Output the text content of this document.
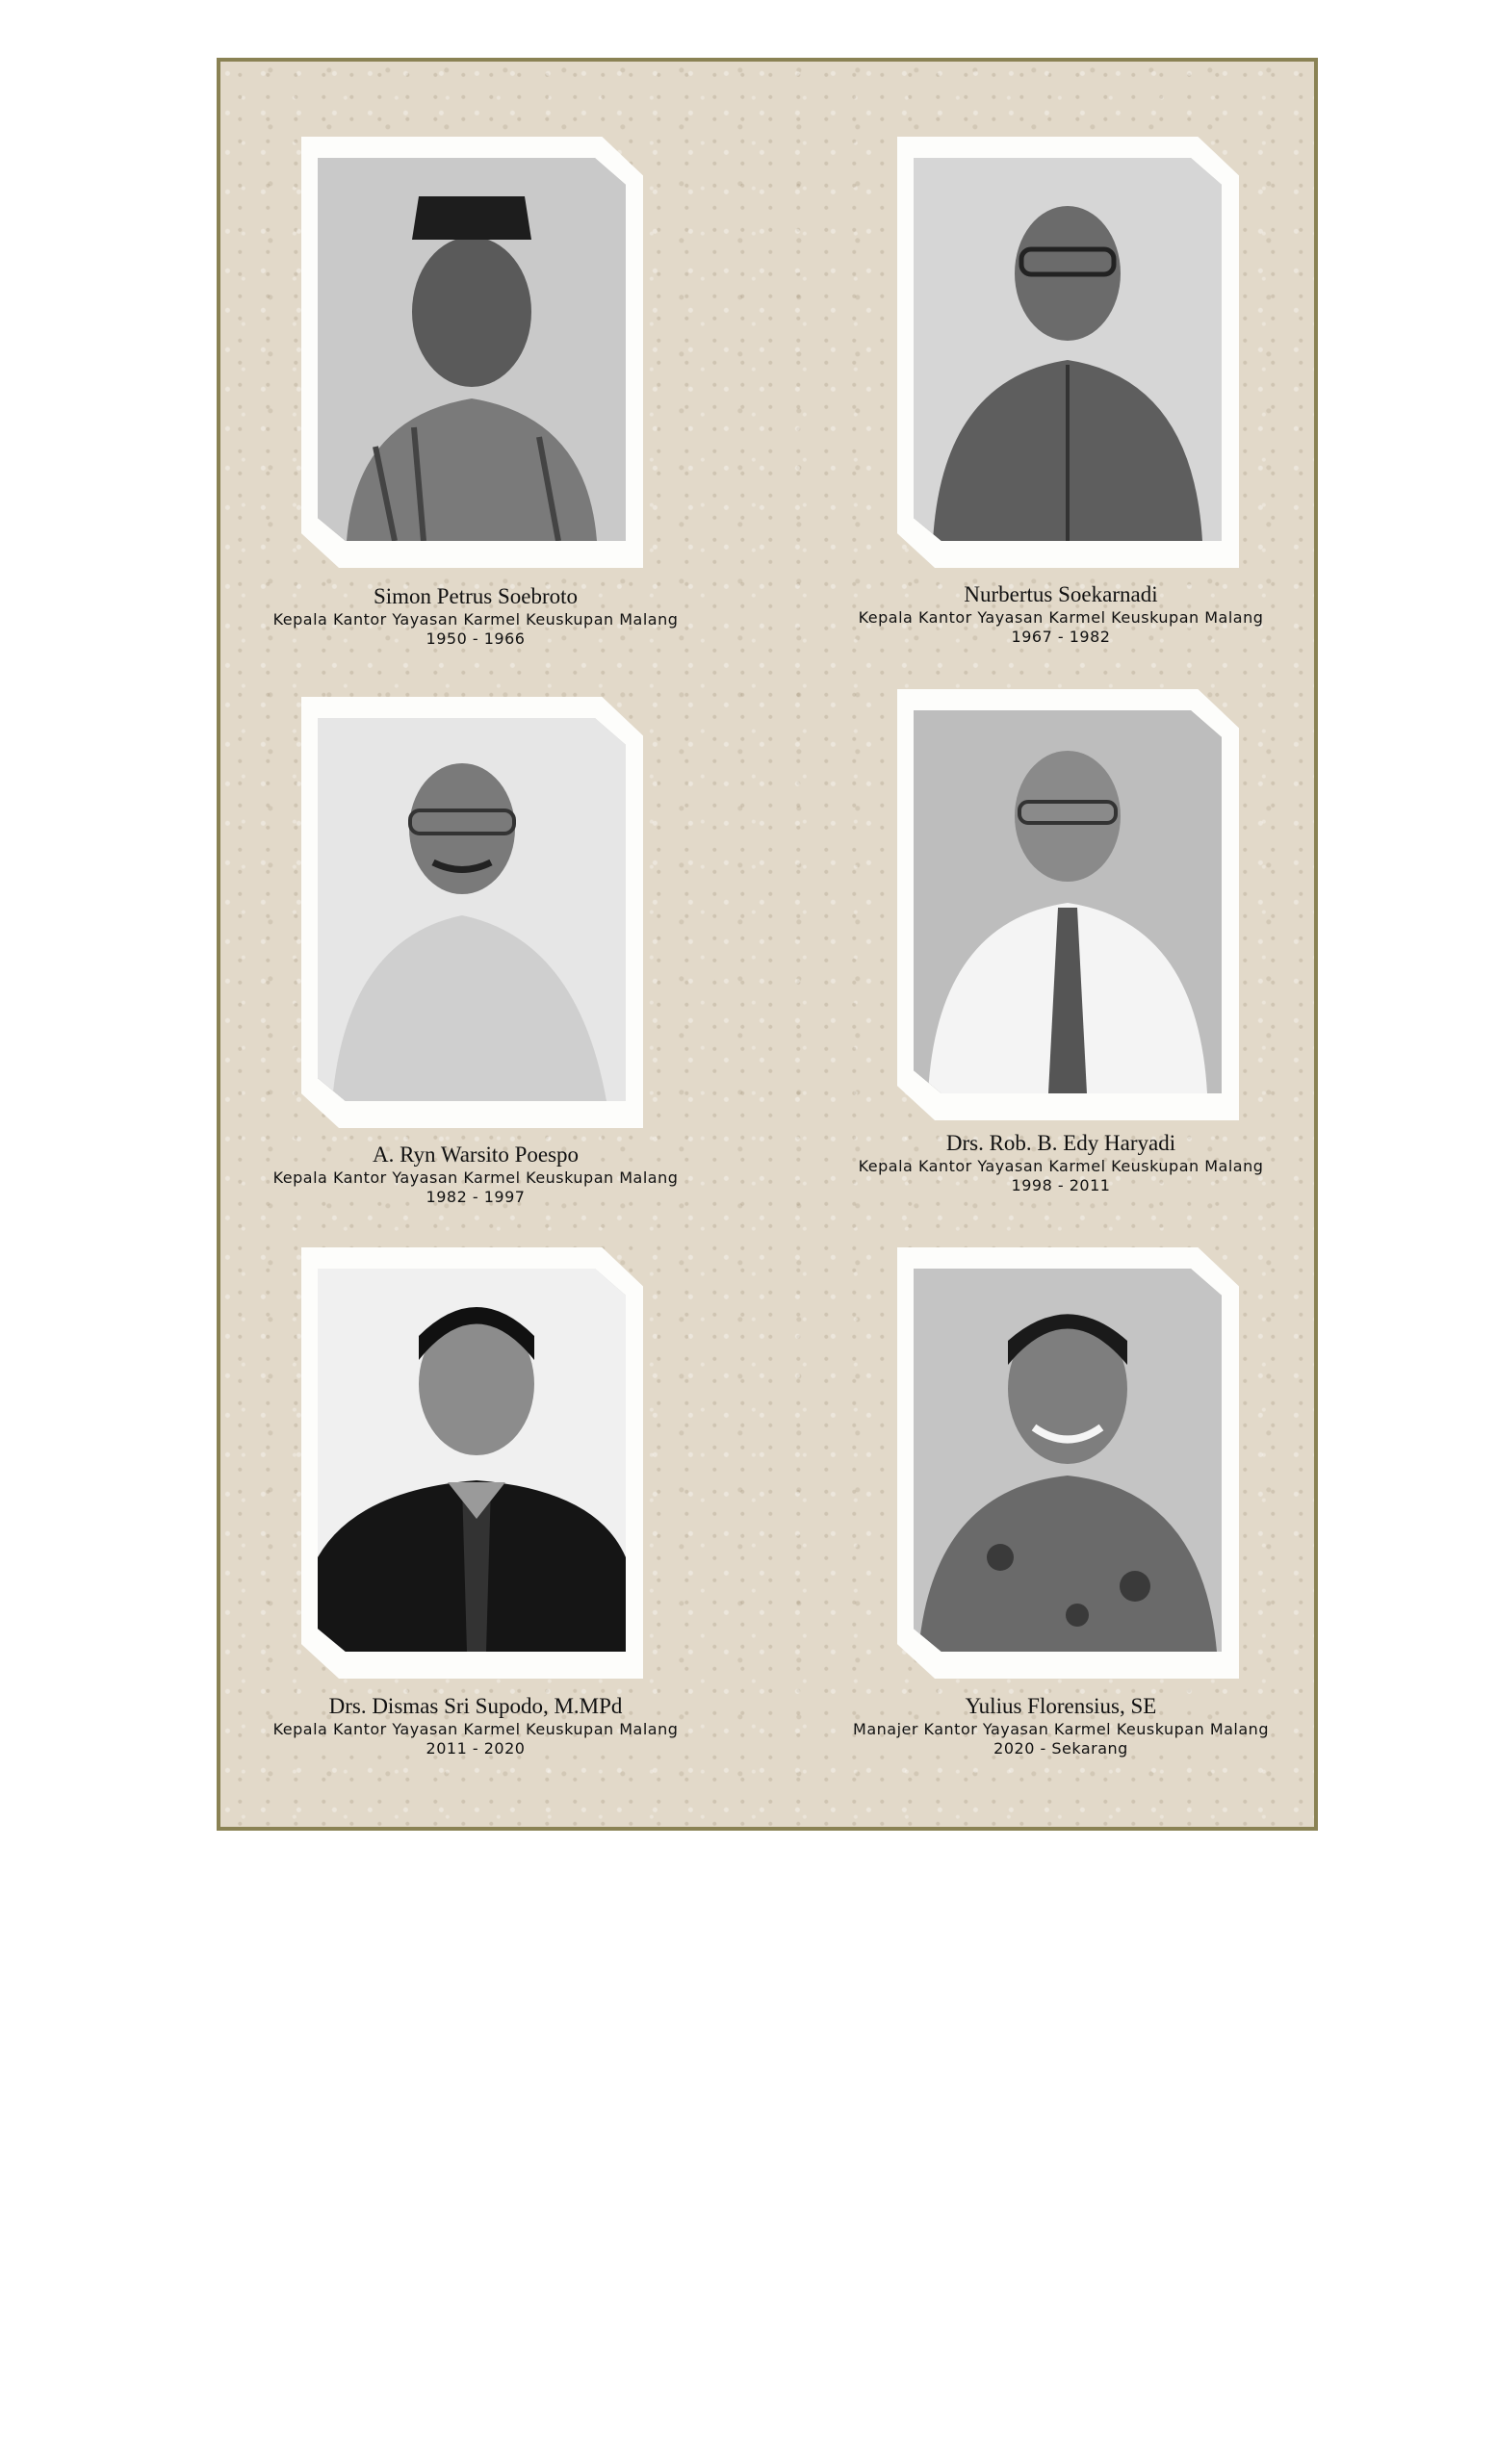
Simon Petrus Soebroto
Kepala Kantor Yayasan Karmel Keuskupan Malang
1950 - 1966
Nurbertus Soekarnadi
Kepala Kantor Yayasan Karmel Keuskupan Malang
1967 - 1982
A. Ryn Warsito Poespo
Kepala Kantor Yayasan Karmel Keuskupan Malang
1982 - 1997
Drs. Rob. B. Edy Haryadi
Kepala Kantor Yayasan Karmel Keuskupan Malang
1998 - 2011
Drs. Dismas Sri Supodo, M.MPd
Kepala Kantor Yayasan Karmel Keuskupan Malang
2011 - 2020
Yulius Florensius, SE
Manajer Kantor Yayasan Karmel Keuskupan Malang
2020 - Sekarang
